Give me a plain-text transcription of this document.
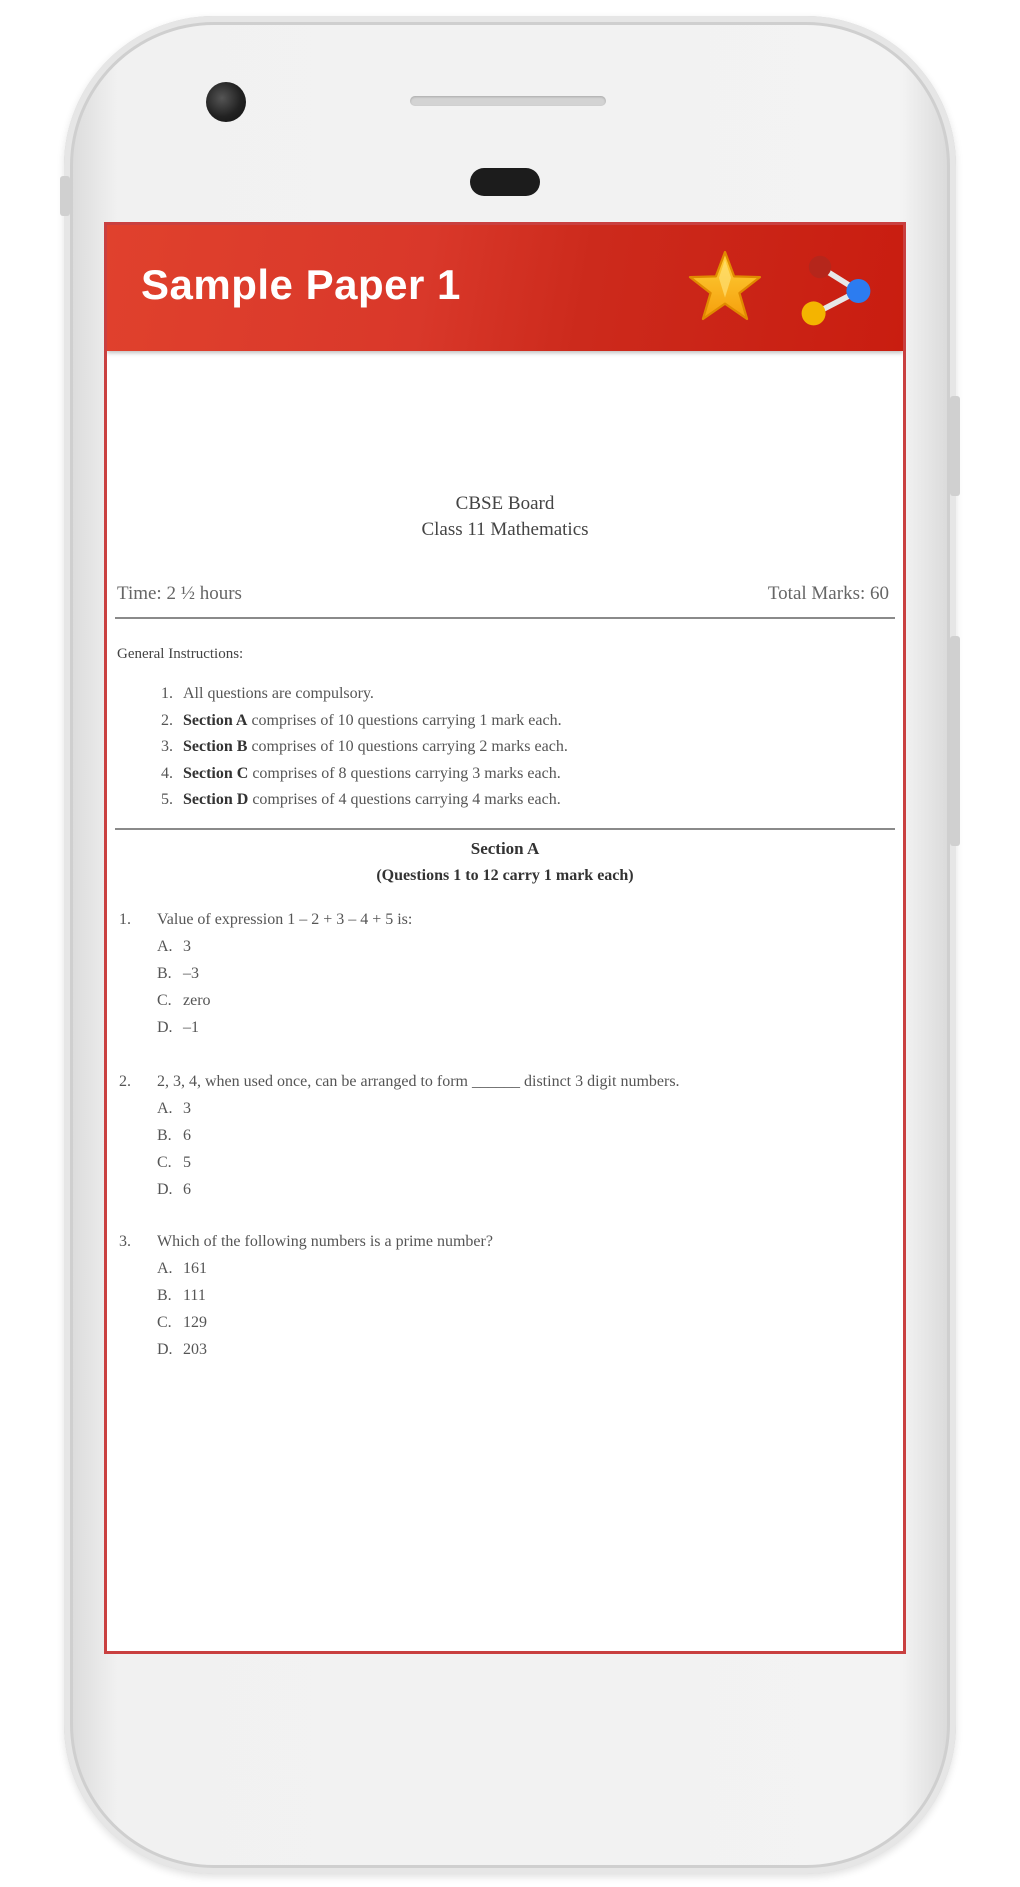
Sample Paper 1
CBSE Board
Class 11 Mathematics
Time: 2 ½ hours	Total Marks: 60
General Instructions:
1. All questions are compulsory.
2. Section A comprises of 10 questions carrying 1 mark each.
3. Section B comprises of 10 questions carrying 2 marks each.
4. Section C comprises of 8 questions carrying 3 marks each.
5. Section D comprises of 4 questions carrying 4 marks each.
Section A
(Questions 1 to 12 carry 1 mark each)
1. Value of expression 1 – 2 + 3 – 4 + 5 is:
A. 3
B. –3
C. zero
D. –1
2. 2, 3, 4, when used once, can be arranged to form ______ distinct 3 digit numbers.
A. 3
B. 6
C. 5
D. 6
3. Which of the following numbers is a prime number?
A. 161
B. 111
C. 129
D. 203
